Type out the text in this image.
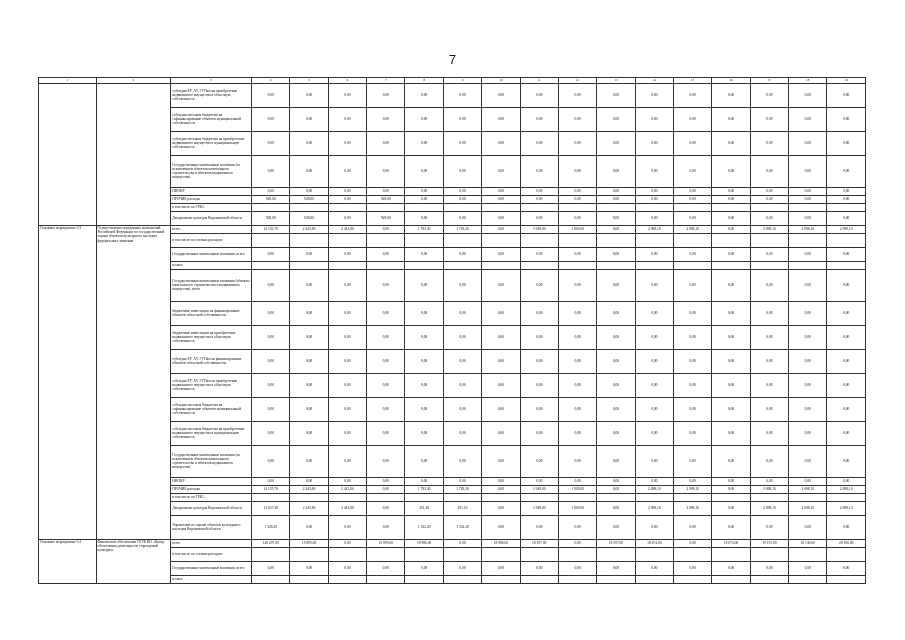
7
1	2	3	4	5	6	7	8	9	10	11	12	13	14	15	16	17	18	19
		субсидии ЕУ, АУ, ГУПам на приобретение недвижимого имущества в областную собственность	0,00	0,00	0,00	0,00	0,00	0,00	0,00	0,00	0,00	0,00	0,00	0,00	0,00	0,00	0,00	0,00
		субсидии местным бюджетам на софинансирование объектов муниципальной собственности	0,00	0,00	0,00	0,00	0,00	0,00	0,00	0,00	0,00	0,00	0,00	0,00	0,00	0,00	0,00	0,00
		субсидии местным бюджетам на приобретение недвижимого имущества в муниципальную собственность	0,00	0,00	0,00	0,00	0,00	0,00	0,00	0,00	0,00	0,00	0,00	0,00	0,00	0,00	0,00	0,00
		Государственные капитальные вложения (за исключением объектов капитального строительства и объектов недвижимого имущества)	0,00	0,00	0,00	0,00	0,00	0,00	0,00	0,00	0,00	0,00	0,00	0,00	0,00	0,00	0,00	0,00
		НИОКР	0,00	0,00	0,00	0,00	0,00	0,00	0,00	0,00	0,00	0,00	0,00	0,00	0,00	0,00	0,00	0,00
		ПРОЧИЕ расходы	928,00	928,00	0,00	928,00	0,00	0,00	0,00	0,00	0,00	0,00	0,00	0,00	0,00	0,00	0,00	0,00
		в том числе по ГРБС:																
		Департамент культуры Воронежской области	928,00	928,00	0,00	928,00	0,00	0,00	0,00	0,00	0,00	0,00	0,00	0,00	0,00	0,00	0,00	0,00
Основное мероприятие 3.3	Осуществление переданных полномочий Российской Федерации по государственной охране объектов культурного наследия федерального значения	всего	14 155,70	2 443,80	2 443,80	0,00	1 783,30	1 783,30	0,00	1 949,00	1 949,00	0,00	2 098,10	2 098,10	0,00	2 098,10	2 098,10	2 098,10
		в том числе по статьям расходов:																
		Государственные капитальные вложения, всего	0,00	0,00	0,00	0,00	0,00	0,00	0,00	0,00	0,00	0,00	0,00	0,00	0,00	0,00	0,00	0,00
		из них:																
		Государственные капитальные вложения (объекты капитального строительства и недвижимого имущества), всего	0,00	0,00	0,00	0,00	0,00	0,00	0,00	0,00	0,00	0,00	0,00	0,00	0,00	0,00	0,00	0,00
		бюджетные инвестиции на финансирование объектов областной собственности	0,00	0,00	0,00	0,00	0,00	0,00	0,00	0,00	0,00	0,00	0,00	0,00	0,00	0,00	0,00	0,00
		бюджетные инвестиции на приобретение недвижимого имущества в областную собственность	0,00	0,00	0,00	0,00	0,00	0,00	0,00	0,00	0,00	0,00	0,00	0,00	0,00	0,00	0,00	0,00
		субсидии ЕУ, АУ, ГУПам на финансирование объектов областной собственности	0,00	0,00	0,00	0,00	0,00	0,00	0,00	0,00	0,00	0,00	0,00	0,00	0,00	0,00	0,00	0,00
		субсидии ЕУ, АУ, ГУПам на приобретение недвижимого имущества в областную собственность	0,00	0,00	0,00	0,00	0,00	0,00	0,00	0,00	0,00	0,00	0,00	0,00	0,00	0,00	0,00	0,00
		субсидии местным бюджетам на софинансирование объектов муниципальной собственности	0,00	0,00	0,00	0,00	0,00	0,00	0,00	0,00	0,00	0,00	0,00	0,00	0,00	0,00	0,00	0,00
		субсидии местным бюджетам на приобретение недвижимого имущества в муниципальную собственность	0,00	0,00	0,00	0,00	0,00	0,00	0,00	0,00	0,00	0,00	0,00	0,00	0,00	0,00	0,00	0,00
		Государственные капитальные вложения (за исключением объектов капитального строительства и объектов недвижимого имущества)	0,00	0,00	0,00	0,00	0,00	0,00	0,00	0,00	0,00	0,00	0,00	0,00	0,00	0,00	0,00	0,00
		НИОКР	0,00	0,00	0,00	0,00	0,00	0,00	0,00	0,00	0,00	0,00	0,00	0,00	0,00	0,00	0,00	0,00
		ПРОЧИЕ расходы	14 155,70	2 443,80	2 443,80	0,00	1 783,30	1 783,30	0,00	1 949,00	1 949,00	0,00	2 098,10	2 098,10	0,00	2 098,10	2 098,10	2 098,10
		в том числе по ГРБС:																
		Департамент культуры Воронежской области	12 827,30	2 443,80	2 443,80	0,00	451,10	451,10	0,00	1 949,00	1 949,00	0,00	2 098,10	2 098,10	0,00	2 098,10	2 098,10	2 098,10
		Управление по охране объектов культурного наследия Воронежской области	1 328,20	0,00	0,00	0,00	1 332,20	1 332,20	0,00	0,00	0,00	0,00	0,00	0,00	0,00	0,00	0,00	0,00
Основное мероприятие 3.4	Финансовое обеспечение ГБУК ВО «Центр обеспечения деятельности учреждений культуры»	всего	140 297,00	15 895,00	0,00	15 895,00	18 986,00	0,00	18 986,00	18 397,00	0,00	18 397,00	18 674,00	0,00	18 674,00	19 153,00	18 130,60	20 100,00
		в том числе по статьям расходов:																
		Государственные капитальные вложения, всего	0,00	0,00	0,00	0,00	0,00	0,00	0,00	0,00	0,00	0,00	0,00	0,00	0,00	0,00	0,00	0,00
		из них:																
